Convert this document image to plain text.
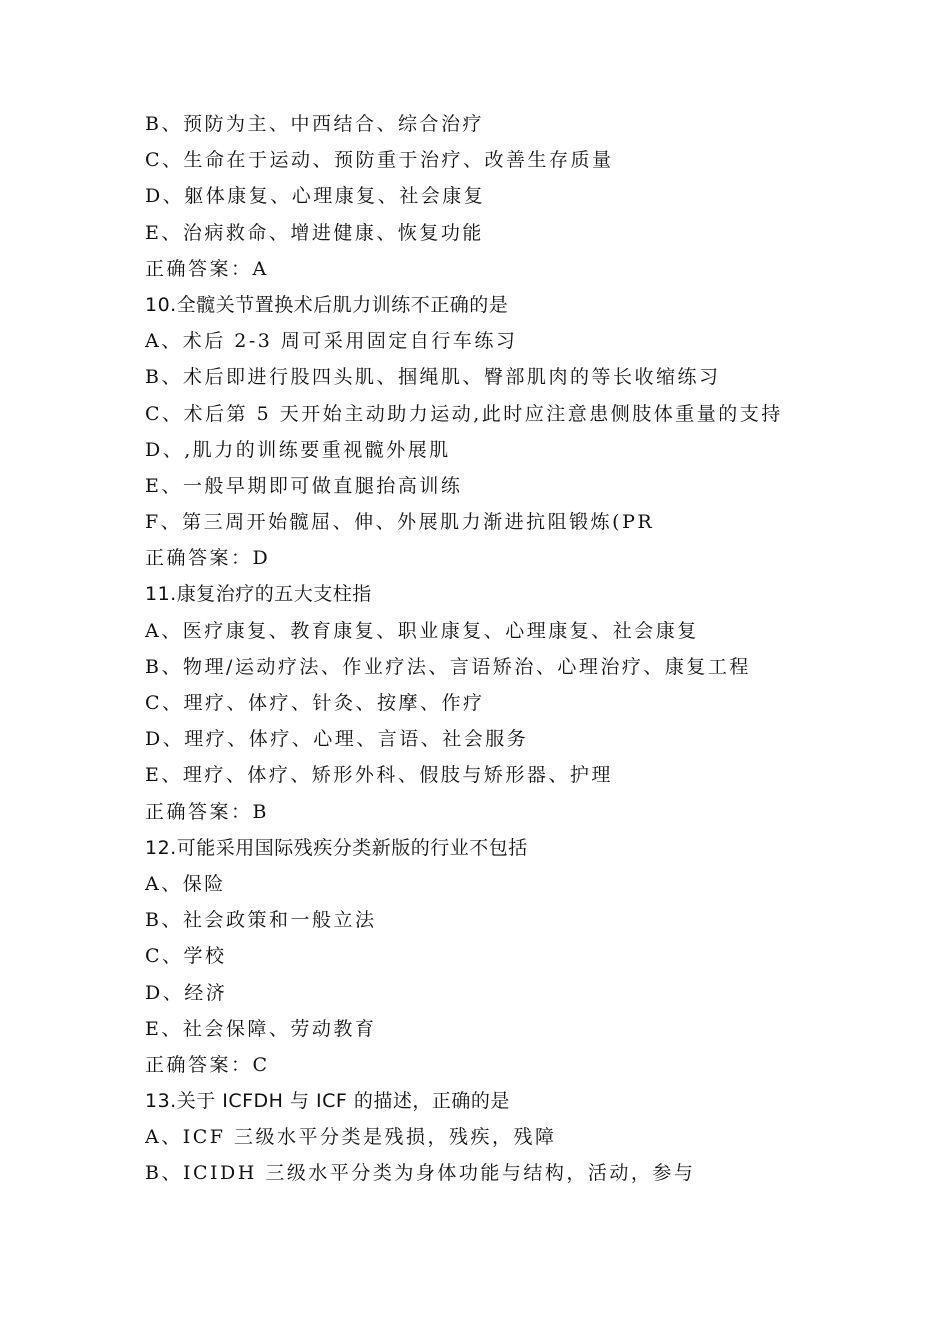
B、预防为主、中西结合、综合治疗
C、生命在于运动、预防重于治疗、改善生存质量
D、躯体康复、心理康复、社会康复
E、治病救命、增进健康、恢复功能
正确答案：A
10.全髋关节置换术后肌力训练不正确的是
A、术后 2-3 周可采用固定自行车练习
B、术后即进行股四头肌、掴绳肌、臀部肌肉的等长收缩练习
C、术后第 5 天开始主动助力运动,此时应注意患侧肢体重量的支持
D、,肌力的训练要重视髋外展肌
E、一般早期即可做直腿抬高训练
F、第三周开始髋屈、伸、外展肌力渐进抗阻锻炼(PR
正确答案：D
11.康复治疗的五大支柱指
A、医疗康复、教育康复、职业康复、心理康复、社会康复
B、物理/运动疗法、作业疗法、言语矫治、心理治疗、康复工程
C、理疗、体疗、针灸、按摩、作疗
D、理疗、体疗、心理、言语、社会服务
E、理疗、体疗、矫形外科、假肢与矫形器、护理
正确答案：B
12.可能采用国际残疾分类新版的行业不包括
A、保险
B、社会政策和一般立法
C、学校
D、经济
E、社会保障、劳动教育
正确答案：C
13.关于 ICFDH 与 ICF 的描述，正确的是
A、ICF 三级水平分类是残损，残疾，残障
B、ICIDH 三级水平分类为身体功能与结构，活动，参与
